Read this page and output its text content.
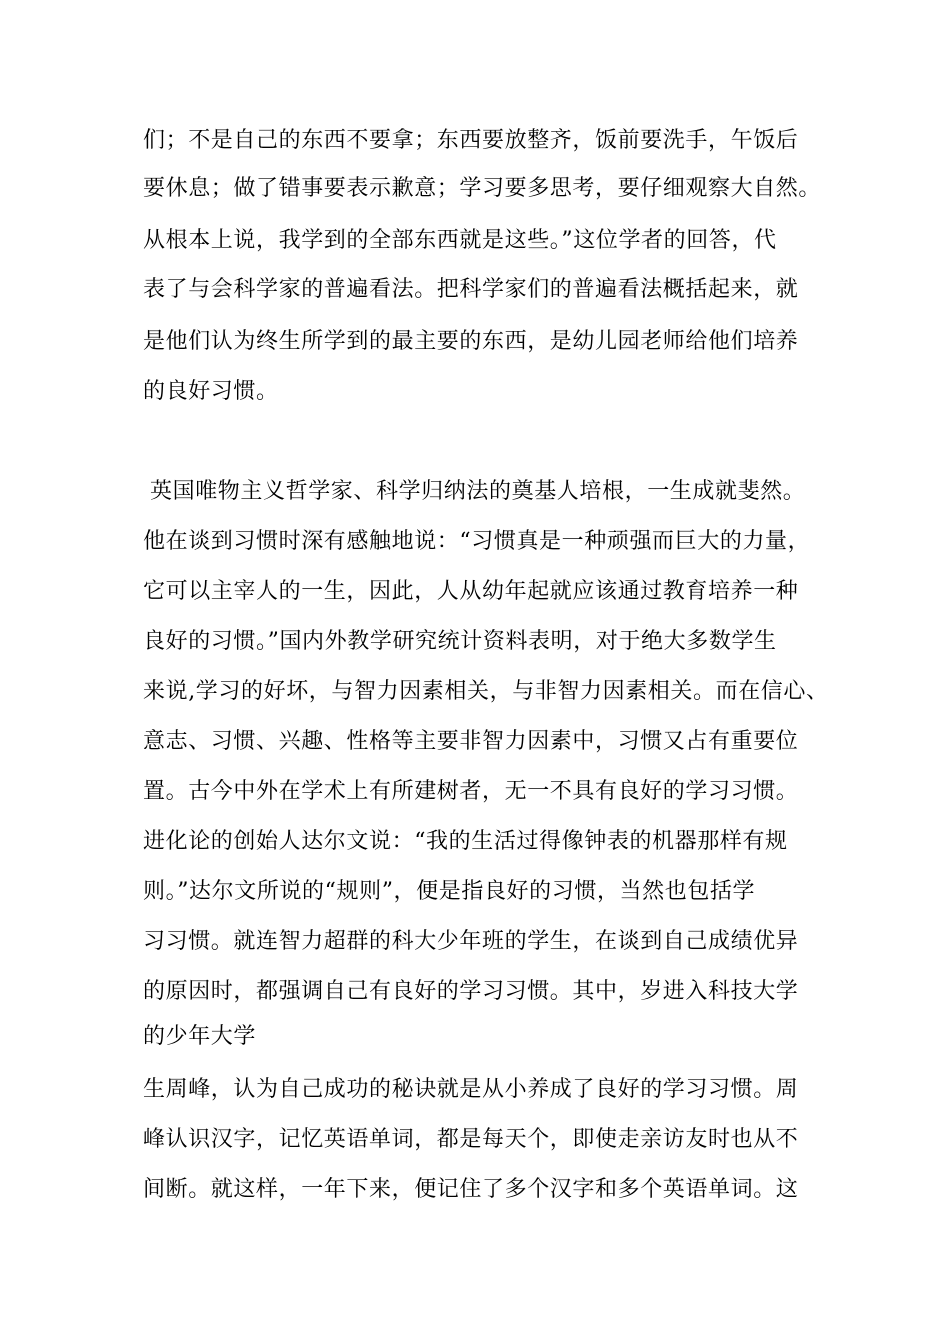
们；不是自己的东西不要拿；东西要放整齐，饭前要洗手，午饭后
要休息；做了错事要表示歉意；学习要多思考，要仔细观察大自然。
从根本上说，我学到的全部东西就是这些。”这位学者的回答，代
表了与会科学家的普遍看法。把科学家们的普遍看法概括起来，就
是他们认为终生所学到的最主要的东西，是幼儿园老师给他们培养
的良好习惯。
英国唯物主义哲学家、科学归纳法的奠基人培根，一生成就斐然。
他在谈到习惯时深有感触地说：“习惯真是一种顽强而巨大的力量，
它可以主宰人的一生，因此，人从幼年起就应该通过教育培养一种
良好的习惯。”国内外教学研究统计资料表明，对于绝大多数学生
来说,学习的好坏，与智力因素相关，与非智力因素相关。而在信心、
意志、习惯、兴趣、性格等主要非智力因素中，习惯又占有重要位
置。古今中外在学术上有所建树者，无一不具有良好的学习习惯。
进化论的创始人达尔文说：“我的生活过得像钟表的机器那样有规
则。”达尔文所说的“规则”，便是指良好的习惯，当然也包括学
习习惯。就连智力超群的科大少年班的学生，在谈到自己成绩优异
的原因时，都强调自己有良好的学习习惯。其中，岁进入科技大学
的少年大学
生周峰，认为自己成功的秘诀就是从小养成了良好的学习习惯。周
峰认识汉字，记忆英语单词，都是每天个，即使走亲访友时也从不
间断。就这样，一年下来，便记住了多个汉字和多个英语单词。这
